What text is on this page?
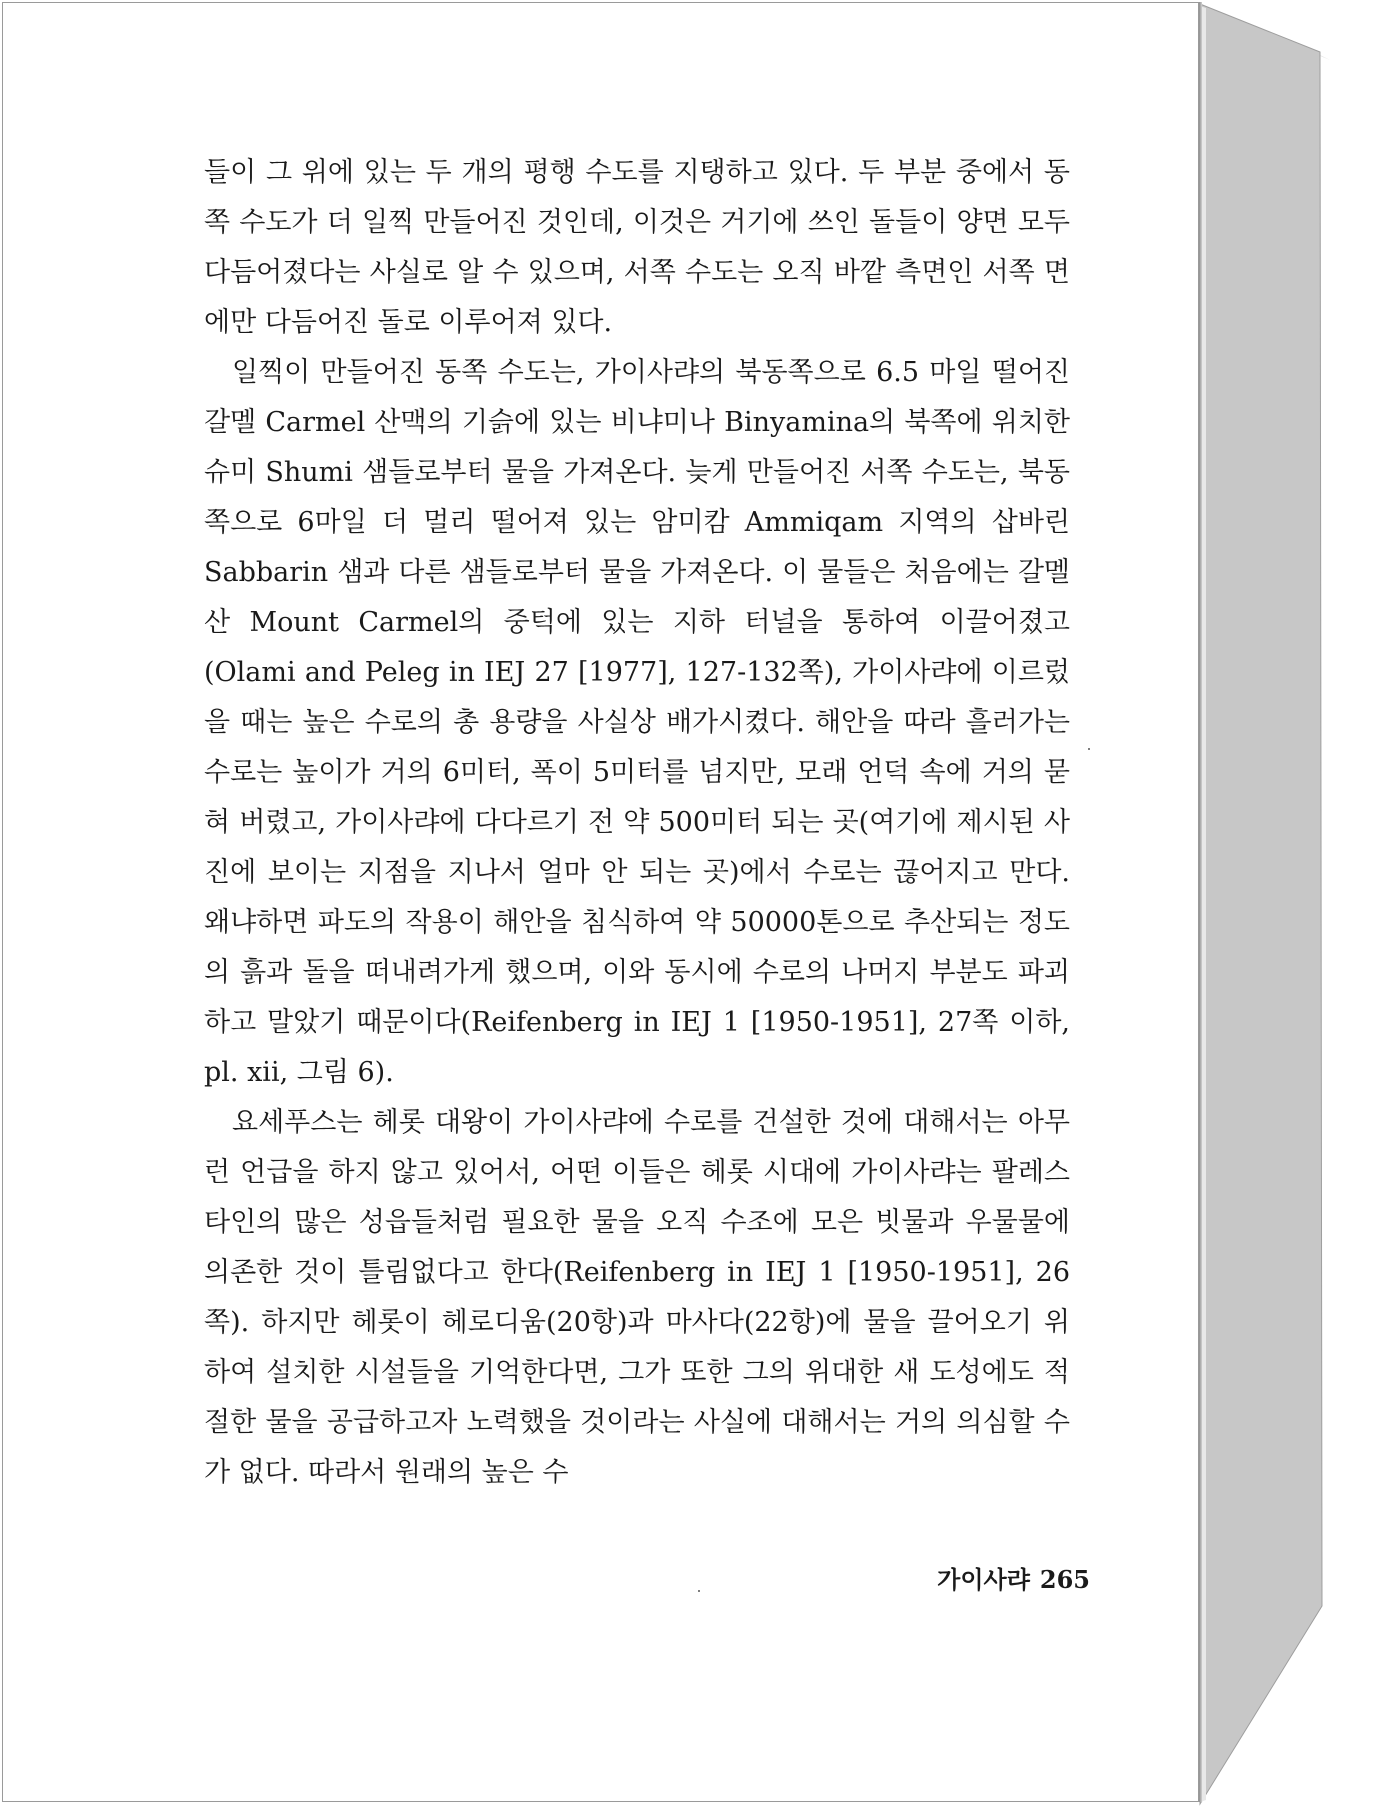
들이 그 위에 있는 두 개의 평행 수도를 지탱하고 있다. 두 부분 중에서 동쪽 수도가 더 일찍 만들어진 것인데, 이것은 거기에 쓰인 돌들이 양면 모두 다듬어졌다는 사실로 알 수 있으며, 서쪽 수도는 오직 바깥 측면인 서쪽 면에만 다듬어진 돌로 이루어져 있다.

일찍이 만들어진 동쪽 수도는, 가이사랴의 북동쪽으로 6.5 마일 떨어진 갈멜 Carmel 산맥의 기슭에 있는 비냐미나 Binyamina의 북쪽에 위치한 슈미 Shumi 샘들로부터 물을 가져온다. 늦게 만들어진 서쪽 수도는, 북동쪽으로 6마일 더 멀리 떨어져 있는 암미캄 Ammiqam 지역의 삽바린 Sabbarin 샘과 다른 샘들로부터 물을 가져온다. 이 물들은 처음에는 갈멜 산 Mount Carmel의 중턱에 있는 지하 터널을 통하여 이끌어졌고(Olami and Peleg in IEJ 27 [1977], 127-132쪽), 가이사랴에 이르렀을 때는 높은 수로의 총 용량을 사실상 배가시켰다. 해안을 따라 흘러가는 수로는 높이가 거의 6미터, 폭이 5미터를 넘지만, 모래 언덕 속에 거의 묻혀 버렸고, 가이사랴에 다다르기 전 약 500미터 되는 곳(여기에 제시된 사진에 보이는 지점을 지나서 얼마 안 되는 곳)에서 수로는 끊어지고 만다. 왜냐하면 파도의 작용이 해안을 침식하여 약 50000톤으로 추산되는 정도의 흙과 돌을 떠내려가게 했으며, 이와 동시에 수로의 나머지 부분도 파괴하고 말았기 때문이다(Reifenberg in IEJ 1 [1950-1951], 27쪽 이하, pl. xii, 그림 6).

요세푸스는 헤롯 대왕이 가이사랴에 수로를 건설한 것에 대해서는 아무런 언급을 하지 않고 있어서, 어떤 이들은 헤롯 시대에 가이사랴는 팔레스타인의 많은 성읍들처럼 필요한 물을 오직 수조에 모은 빗물과 우물물에 의존한 것이 틀림없다고 한다(Reifenberg in IEJ 1 [1950-1951], 26쪽). 하지만 헤롯이 헤로디움(20항)과 마사다(22항)에 물을 끌어오기 위하여 설치한 시설들을 기억한다면, 그가 또한 그의 위대한 새 도성에도 적절한 물을 공급하고자 노력했을 것이라는 사실에 대해서는 거의 의심할 수가 없다. 따라서 원래의 높은 수

가이사랴 265
